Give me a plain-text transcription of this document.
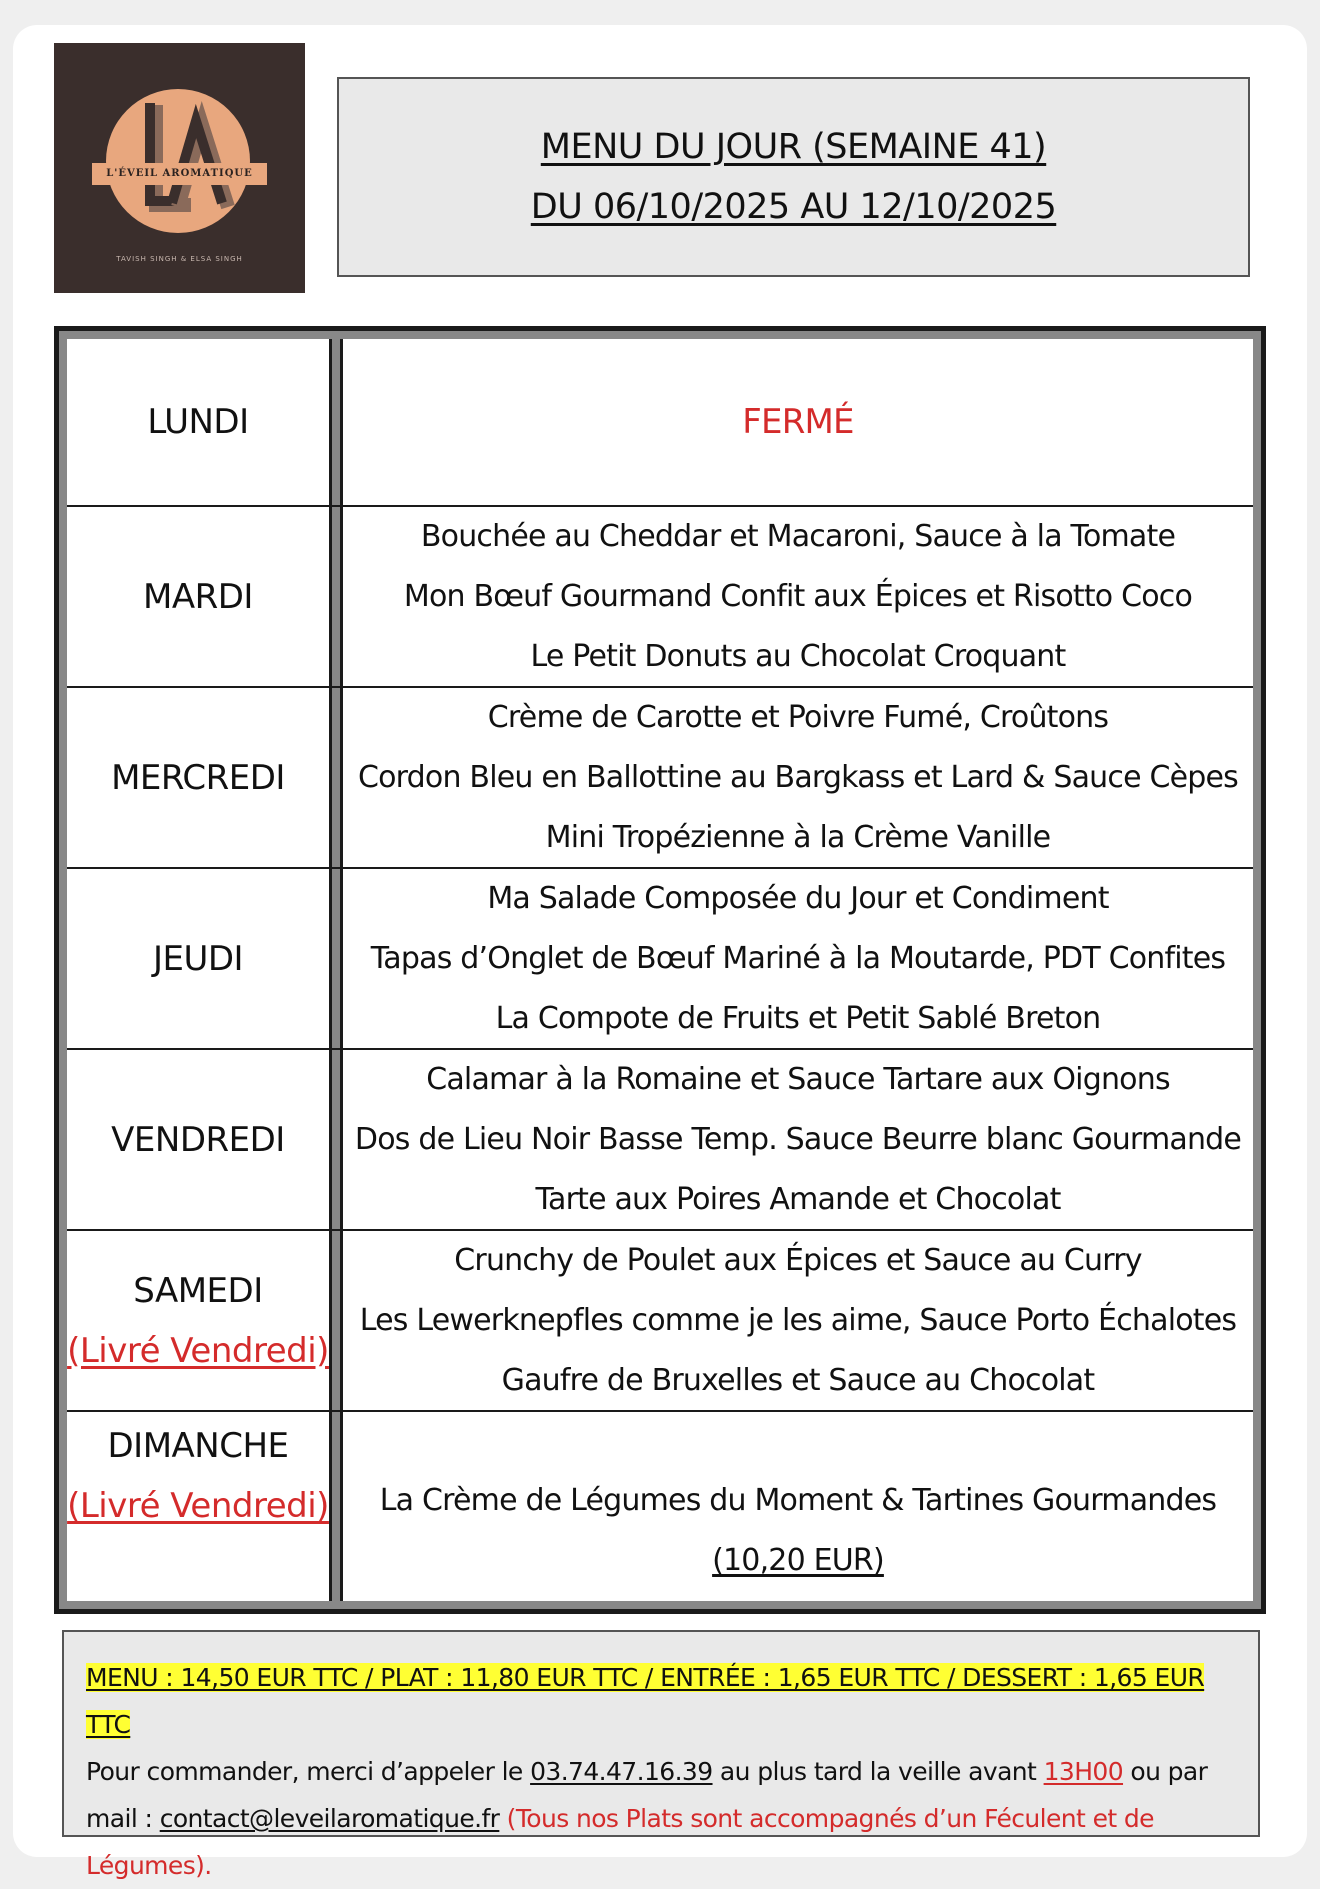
L'ÉVEIL AROMATIQUE
TAVISH SINGH & ELSA SINGH
MENU DU JOUR (SEMAINE 41)
DU 06/10/2025 AU 12/10/2025
LUNDI	FERMÉ
MARDI
Bouchée au Cheddar et Macaroni, Sauce à la Tomate
Mon Bœuf Gourmand Confit aux Épices et Risotto Coco
Le Petit Donuts au Chocolat Croquant
MERCREDI
Crème de Carotte et Poivre Fumé, Croûtons
Cordon Bleu en Ballottine au Bargkass et Lard & Sauce Cèpes
Mini Tropézienne à la Crème Vanille
JEUDI
Ma Salade Composée du Jour et Condiment
Tapas d’Onglet de Bœuf Mariné à la Moutarde, PDT Confites
La Compote de Fruits et Petit Sablé Breton
VENDREDI
Calamar à la Romaine et Sauce Tartare aux Oignons
Dos de Lieu Noir Basse Temp. Sauce Beurre blanc Gourmande
Tarte aux Poires Amande et Chocolat
SAMEDI
(Livré Vendredi)
Crunchy de Poulet aux Épices et Sauce au Curry
Les Lewerknepfles comme je les aime, Sauce Porto Échalotes
Gaufre de Bruxelles et Sauce au Chocolat
DIMANCHE
(Livré Vendredi) La Crème de Légumes du Moment & Tartines Gourmandes
(10,20 EUR)
MENU : 14,50 EUR TTC / PLAT : 11,80 EUR TTC / ENTRÉE : 1,65 EUR TTC / DESSERT : 1,65 EUR TTC
Pour commander, merci d’appeler le 03.74.47.16.39 au plus tard la veille avant 13H00 ou par
mail : contact@leveilaromatique.fr (Tous nos Plats sont accompagnés d’un Féculent et de Légumes).
